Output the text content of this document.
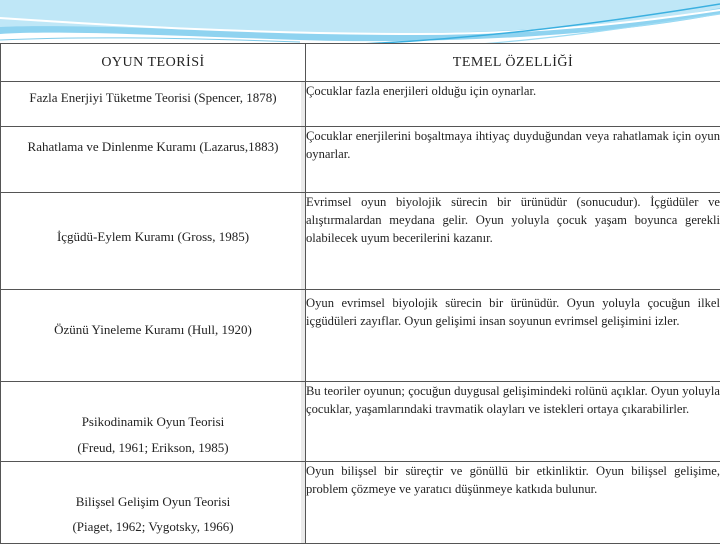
OYUN TEORİSİ	TEMEL ÖZELLİĞİ

Fazla Enerjiyi Tüketme Teorisi (Spencer, 1878)	Çocuklar fazla enerjileri olduğu için oynarlar.

Rahatlama ve Dinlenme Kuramı (Lazarus,1883)	Çocuklar enerjilerini boşaltmaya ihtiyaç duyduğundan veya rahatlamak için oyun oynarlar.

İçgüdü-Eylem Kuramı (Gross, 1985)	Evrimsel oyun biyolojik sürecin bir ürünüdür (sonucudur). İçgüdüler ve alıştırmalardan meydana gelir. Oyun yoluyla çocuk yaşam boyunca gerekli olabilecek uyum becerilerini kazanır.

Özünü Yineleme Kuramı (Hull, 1920)	Oyun evrimsel biyolojik sürecin bir ürünüdür. Oyun yoluyla çocuğun ilkel içgüdüleri zayıflar. Oyun gelişimi insan soyunun evrimsel gelişimini izler.

Psikodinamik Oyun Teorisi
(Freud, 1961; Erikson, 1985)	Bu teoriler oyunun; çocuğun duygusal gelişimindeki rolünü açıklar. Oyun yoluyla çocuklar, yaşamlarındaki travmatik olayları ve istekleri ortaya çıkarabilirler.

Bilişsel Gelişim Oyun Teorisi
(Piaget, 1962; Vygotsky, 1966)	Oyun bilişsel bir süreçtir ve gönüllü bir etkinliktir. Oyun bilişsel gelişime, problem çözmeye ve yaratıcı düşünmeye katkıda bulunur.
